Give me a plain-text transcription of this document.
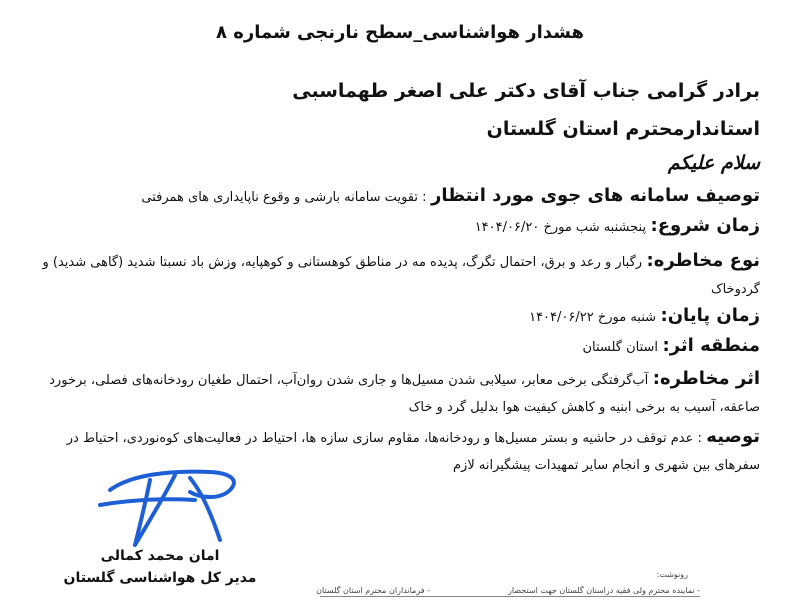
هشدار هواشناسی_سطح نارنجی شماره ۸
برادر گرامی جناب آقای دکتر علی اصغر طهماسبی
استاندارمحترم استان گلستان
سلام علیکم
توصیف سامانه های جوی مورد انتظار : تقویت سامانه بارشی و وقوع ناپایداری های همرفتی
زمان شروع: پنجشنبه شب مورخ ۱۴۰۴/۰۶/۲۰
نوع مخاطره: رگبار و رعد و برق، احتمال تگرگ، پدیده مه در مناطق کوهستانی و کوهپایه، وزش باد نسبتا شدید (گاهی شدید) و گردوخاک
زمان پایان: شنبه مورخ ۱۴۰۴/۰۶/۲۲
منطقه اثر: استان گلستان
اثر مخاطره: آب‌گرفتگی برخی معابر، سیلابی شدن مسیل‌ها و جاری شدن روان‌آب، احتمال طغیان رودخانه‌های فصلی، برخورد صاعقه، آسیب به برخی ابنیه و کاهش کیفیت هوا بدلیل گرد و خاک
توصیه : عدم توقف در حاشیه و بستر مسیل‌ها و رودخانه‌ها، مقاوم سازی سازه ها، احتیاط در فعالیت‌های کوه‌نوردی، احتیاط در سفرهای بین شهری و انجام سایر تمهیدات پیشگیرانه لازم
امان محمد کمالی
مدیر کل هواشناسی گلستان	رونوشت:
- نماینده محترم ولی فقیه دراستان گلستان جهت استحضار
- فرمانداران محترم استان گلستان
